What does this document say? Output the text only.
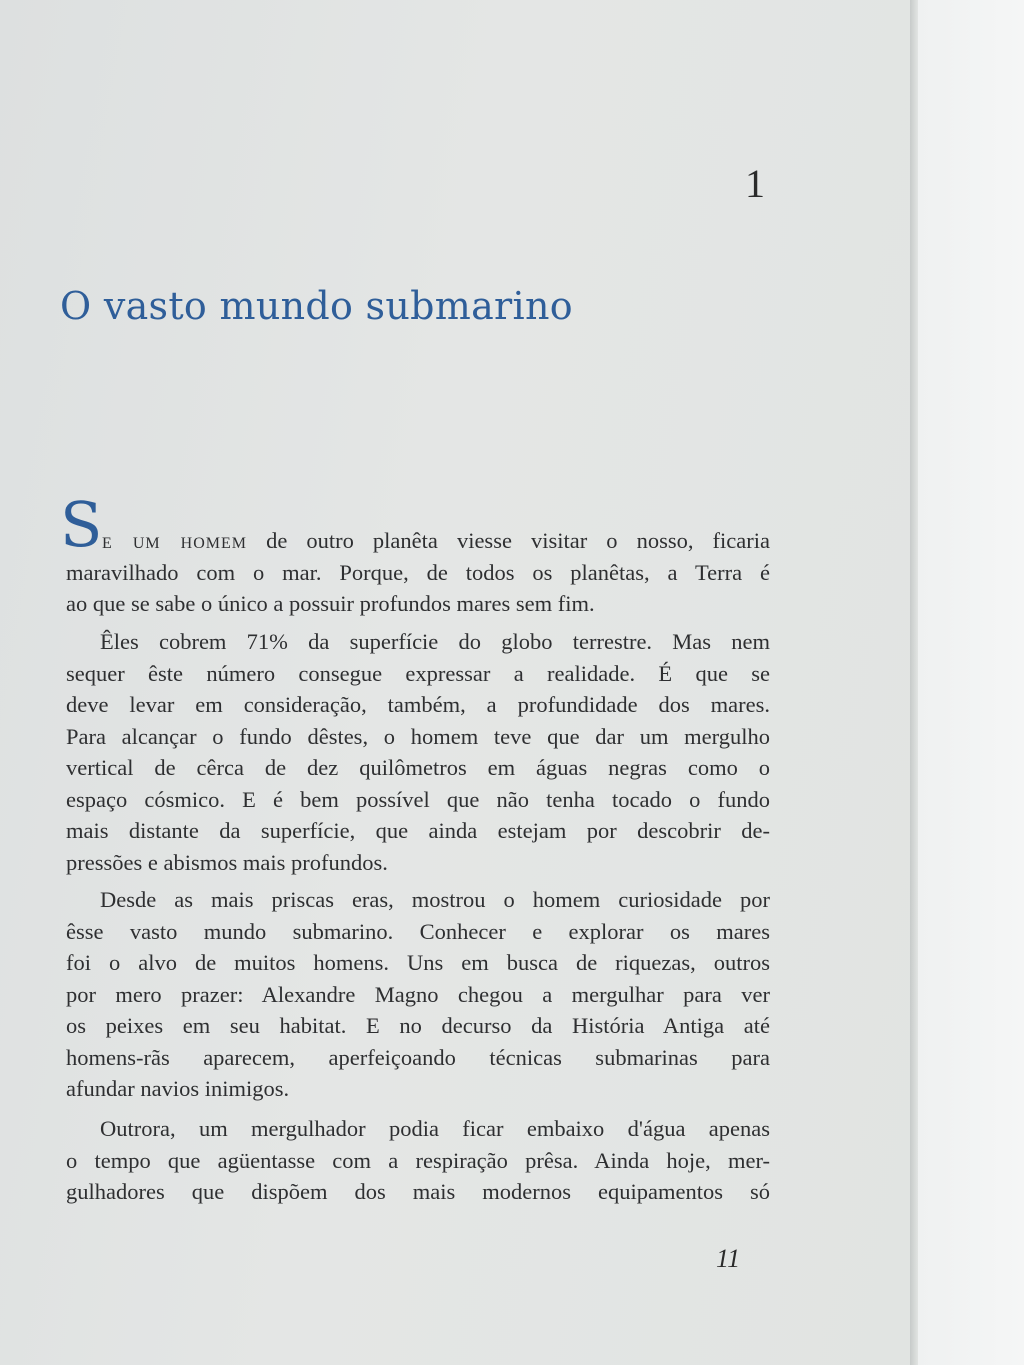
1
O vasto mundo submarino
S e um homem de outro planêta viesse visitar o nosso, ficaria
maravilhado com o mar. Porque, de todos os planêtas, a Terra é
ao que se sabe o único a possuir profundos mares sem fim.
Êles cobrem 71% da superfície do globo terrestre. Mas nem
sequer êste número consegue expressar a realidade. É que se
deve levar em consideração, também, a profundidade dos mares.
Para alcançar o fundo dêstes, o homem teve que dar um mergulho
vertical de cêrca de dez quilômetros em águas negras como o
espaço cósmico. E é bem possível que não tenha tocado o fundo
mais distante da superfície, que ainda estejam por descobrir de-
pressões e abismos mais profundos.
Desde as mais priscas eras, mostrou o homem curiosidade por
êsse vasto mundo submarino. Conhecer e explorar os mares
foi o alvo de muitos homens. Uns em busca de riquezas, outros
por mero prazer: Alexandre Magno chegou a mergulhar para ver
os peixes em seu habitat. E no decurso da História Antiga até
homens-rãs aparecem, aperfeiçoando técnicas submarinas para
afundar navios inimigos.
Outrora, um mergulhador podia ficar embaixo d'água apenas
o tempo que agüentasse com a respiração prêsa. Ainda hoje, mer-
gulhadores que dispõem dos mais modernos equipamentos só
11
